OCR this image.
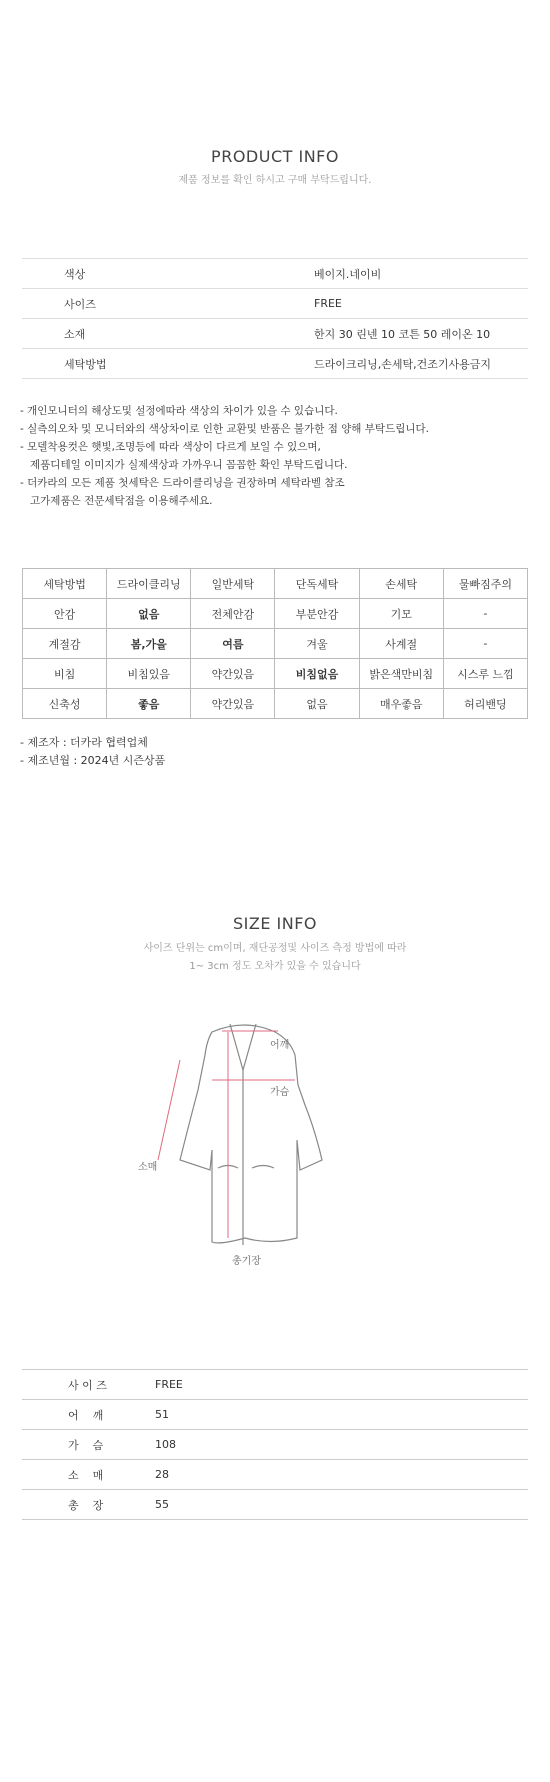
PRODUCT INFO
제품 정보를 확인 하시고 구매 부탁드립니다.
	색상	베이지.네이비
	사이즈	FREE
	소재	한지 30 린넨 10 코튼 50 레이온 10
	세탁방법	드라이크리닝,손세탁,건조기사용금지
- 개인모니터의 해상도및 설정에따라 색상의 차이가 있을 수 있습니다.
- 실측의오차 및 모니터와의 색상차이로 인한 교환및 반품은 불가한 점 양해 부탁드립니다.
- 모델착용컷은 햇빛,조명등에 따라 색상이 다르게 보일 수 있으며,
제품디테일 이미지가 실제색상과 가까우니 꼼꼼한 확인 부탁드립니다.
- 더카라의 모든 제품 첫세탁은 드라이클리닝을 권장하며 세탁라벨 참조
고가제품은 전문세탁점을 이용해주세요.
세탁방법	드라이클리닝	일반세탁	단독세탁	손세탁	물빠짐주의
안감	없음	전체안감	부분안감	기모	-
계절감	봄,가을	여름	겨울	사계절	-
비침	비침있음	약간있음	비침없음	밝은색만비침	시스루 느낌
신축성	좋음	약간있음	없음	매우좋음	허리밴딩
- 제조자 : 더카라 협력업체
- 제조년월 : 2024년 시즌상품
SIZE INFO
사이즈 단위는 cm이며, 재단공정및 사이즈 측정 방법에 따라
1~ 3cm 정도 오차가 있을 수 있습니다
어깨
가슴
소매
총기장
	사 이 즈	FREE
	어    깨	51
	가    슴	108
	소    매	28
	총    장	55
